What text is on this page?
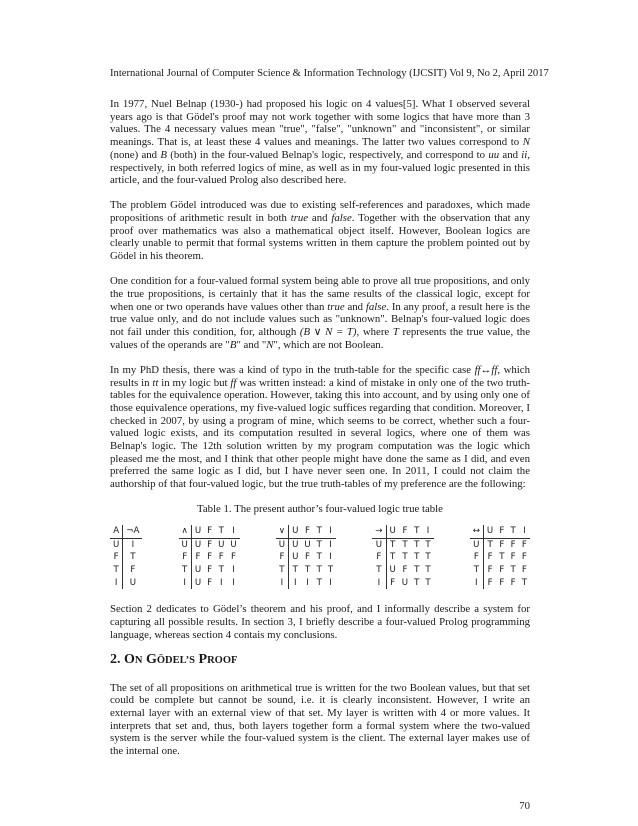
International Journal of Computer Science & Information Technology (IJCSIT) Vol 9, No 2, April 2017

In 1977, Nuel Belnap (1930-) had proposed his logic on 4 values[5]. What I observed several years ago is that Gödel's proof may not work together with some logics that have more than 3 values. The 4 necessary values mean "true", "false", "unknown" and "inconsistent", or similar meanings. That is, at least these 4 values and meanings. The latter two values correspond to N (none) and B (both) in the four-valued Belnap's logic, respectively, and correspond to uu and ii, respectively, in both referred logics of mine, as well as in my four-valued logic presented in this article, and the four-valued Prolog also described here.

The problem Gödel introduced was due to existing self-references and paradoxes, which made propositions of arithmetic result in both true and false. Together with the observation that any proof over mathematics was also a mathematical object itself. However, Boolean logics are clearly unable to permit that formal systems written in them capture the problem pointed out by Gödel in his theorem.

One condition for a four-valued formal system being able to prove all true propositions, and only the true propositions, is certainly that it has the same results of the classical logic, except for when one or two operands have values other than true and false. In any proof, a result here is the true value only, and do not include values such as "unknown". Belnap's four-valued logic does not fail under this condition, for, although (B ∨ N = T), where T represents the true value, the values of the operands are "B" and "N", which are not Boolean.

In my PhD thesis, there was a kind of typo in the truth-table for the specific case ff↔ff, which results in tt in my logic but ff was written instead: a kind of mistake in only one of the two truth-tables for the equivalence operation. However, taking this into account, and by using only one of those equivalence operations, my five-valued logic suffices regarding that condition. Moreover, I checked in 2007, by using a program of mine, which seems to be correct, whether such a four-valued logic exists, and its computation resulted in several logics, where one of them was Belnap's logic. The 12th solution written by my program computation was the logic which pleased me the most, and I think that other people might have done the same as I did, and even preferred the same logic as I did, but I have never seen one. In 2011, I could not claim the authorship of that four-valued logic, but the true truth-tables of my preference are the following:

Table 1. The present author’s four-valued logic true table
A	¬A
U	I
F	T
T	F
I	U
∧	U	F	T	I
U	U	F	U	U
F	F	F	F	F
T	U	F	T	I
I	U	F	I	I
∨	U	F	T	I
U	U	U	T	I
F	U	F	T	I
T	T	T	T	T
I	I	I	T	I
→	U	F	T	I
U	T	T	T	T
F	T	T	T	T
T	U	F	T	T
I	F	U	T	T
↔	U	F	T	I
U	T	F	F	F
F	F	T	F	F
T	F	F	T	F
I	F	F	F	T

Section 2 dedicates to Gödel’s theorem and his proof, and I informally describe a system for capturing all possible results. In section 3, I briefly describe a four-valued Prolog programming language, whereas section 4 contais my conclusions.

2. ON GÖDEL’S PROOF

The set of all propositions on arithmetical true is written for the two Boolean values, but that set could be complete but cannot be sound, i.e. it is clearly inconsistent. However, I write an external layer with an external view of that set. My layer is written with 4 or more values. It interprets that set and, thus, both layers together form a formal system where the two-valued system is the server while the four-valued system is the client. The external layer makes use of the internal one.

70
